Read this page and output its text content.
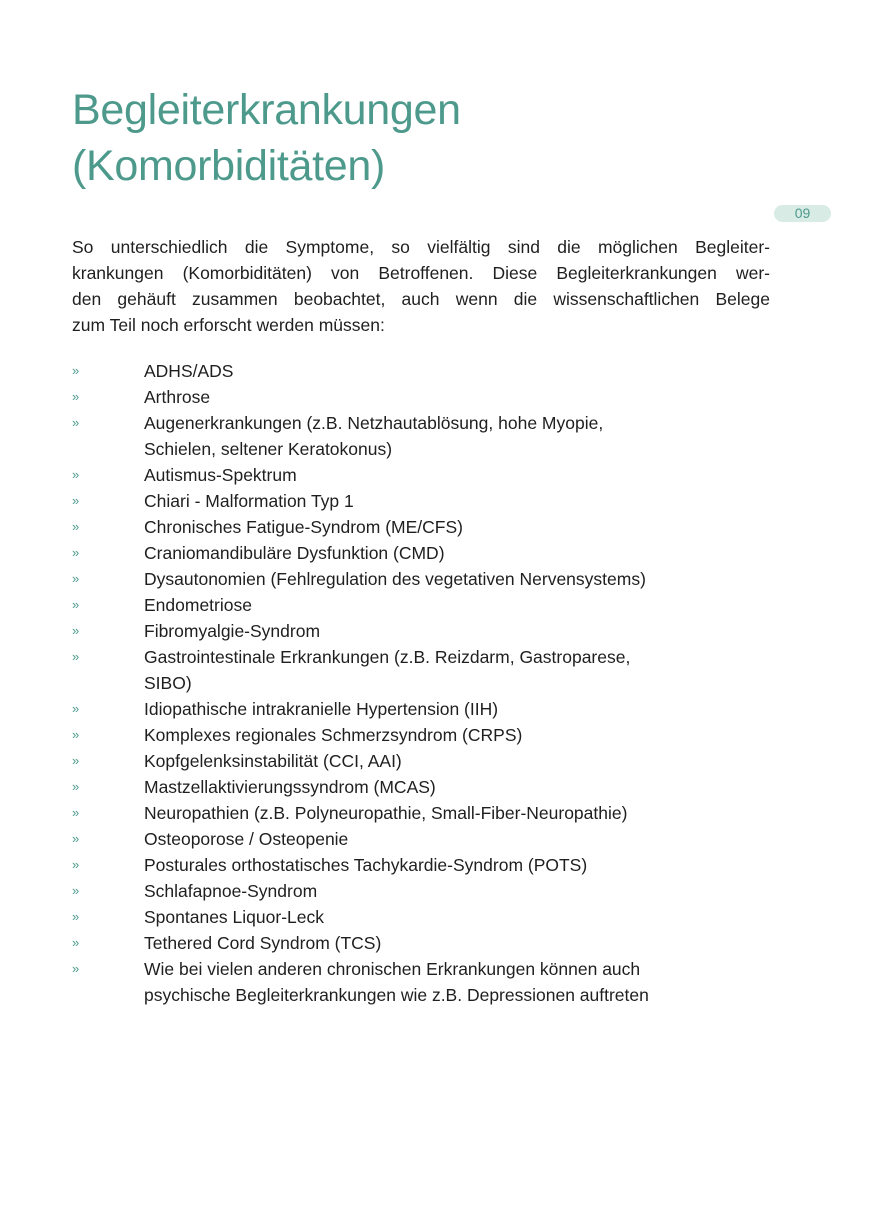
Begleiterkrankungen
(Komorbiditäten)
09

So unterschiedlich die Symptome, so vielfältig sind die möglichen Begleiter-
krankungen (Komorbiditäten) von Betroffenen. Diese Begleiterkrankungen wer-
den gehäuft zusammen beobachtet, auch wenn die wissenschaftlichen Belege
zum Teil noch erforscht werden müssen:

»	ADHS/ADS
»	Arthrose
»	Augenerkrankungen (z.B. Netzhautablösung, hohe Myopie,
Schielen, seltener Keratokonus)
»	Autismus-Spektrum
»	Chiari - Malformation Typ 1
»	Chronisches Fatigue-Syndrom (ME/CFS)
»	Craniomandibuläre Dysfunktion (CMD)
»	Dysautonomien (Fehlregulation des vegetativen Nervensystems)
»	Endometriose
»	Fibromyalgie-Syndrom
»	Gastrointestinale Erkrankungen (z.B. Reizdarm, Gastroparese,
SIBO)
»	Idiopathische intrakranielle Hypertension (IIH)
»	Komplexes regionales Schmerzsyndrom (CRPS)
»	Kopfgelenksinstabilität (CCI, AAI)
»	Mastzellaktivierungssyndrom (MCAS)
»	Neuropathien (z.B. Polyneuropathie, Small-Fiber-Neuropathie)
»	Osteoporose / Osteopenie
»	Posturales orthostatisches Tachykardie-Syndrom (POTS)
»	Schlafapnoe-Syndrom
»	Spontanes Liquor-Leck
»	Tethered Cord Syndrom (TCS)
»	Wie bei vielen anderen chronischen Erkrankungen können auch
psychische Begleiterkrankungen wie z.B. Depressionen auftreten
